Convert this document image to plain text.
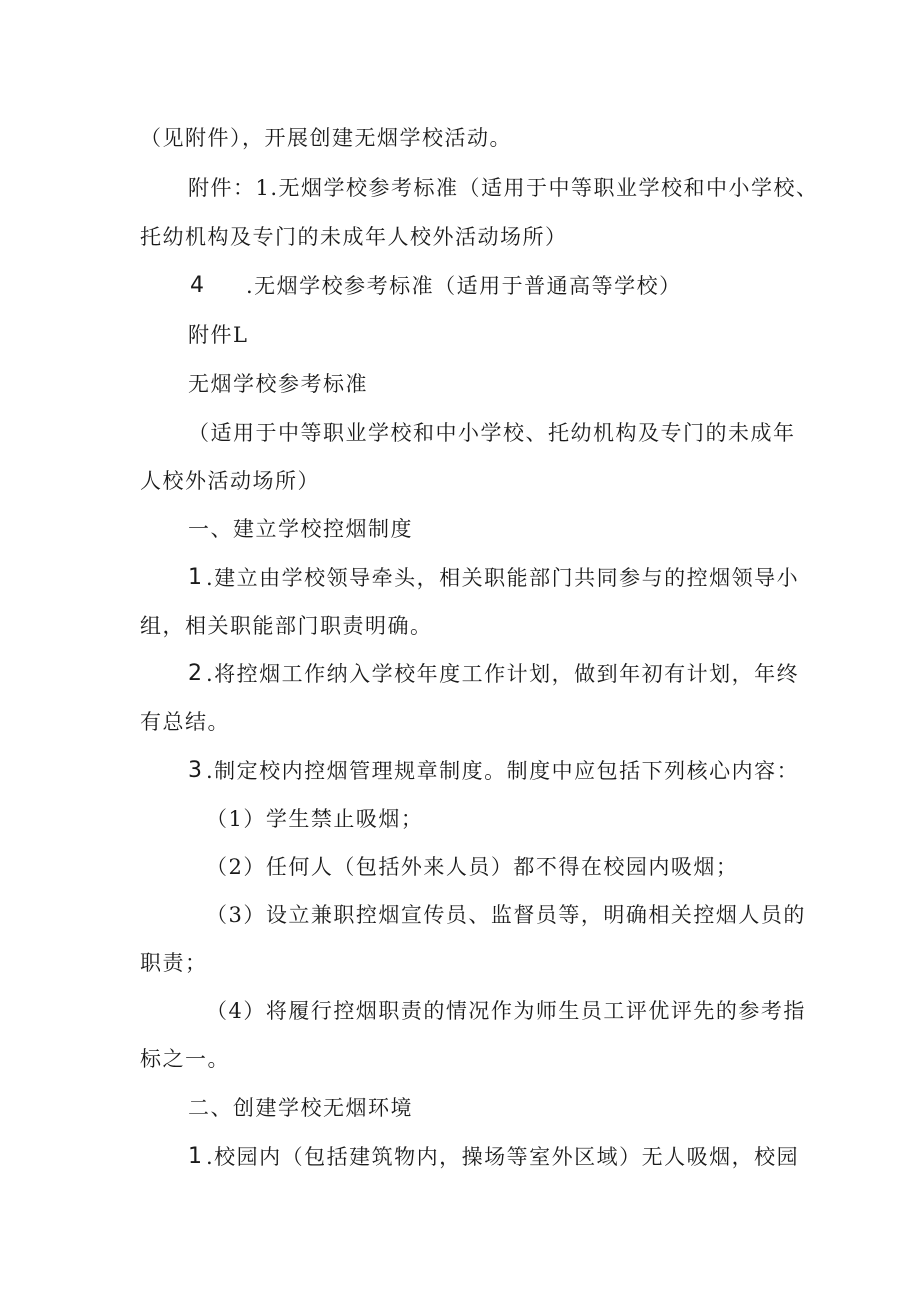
（见附件），开展创建无烟学校活动。
附件：1.无烟学校参考标准（适用于中等职业学校和中小学校、
托幼机构及专门的未成年人校外活动场所）
4 .无烟学校参考标准（适用于普通高等学校）
附件L
无烟学校参考标准
（适用于中等职业学校和中小学校、托幼机构及专门的未成年
人校外活动场所）
一、建立学校控烟制度
1 .建立由学校领导牵头，相关职能部门共同参与的控烟领导小
组，相关职能部门职责明确。
2 .将控烟工作纳入学校年度工作计划，做到年初有计划，年终
有总结。
3 .制定校内控烟管理规章制度。制度中应包括下列核心内容：
（1）学生禁止吸烟；
（2）任何人（包括外来人员）都不得在校园内吸烟；
（3）设立兼职控烟宣传员、监督员等，明确相关控烟人员的
职责；
（4）将履行控烟职责的情况作为师生员工评优评先的参考指
标之一。
二、创建学校无烟环境
1 .校园内（包括建筑物内，操场等室外区域）无人吸烟，校园
